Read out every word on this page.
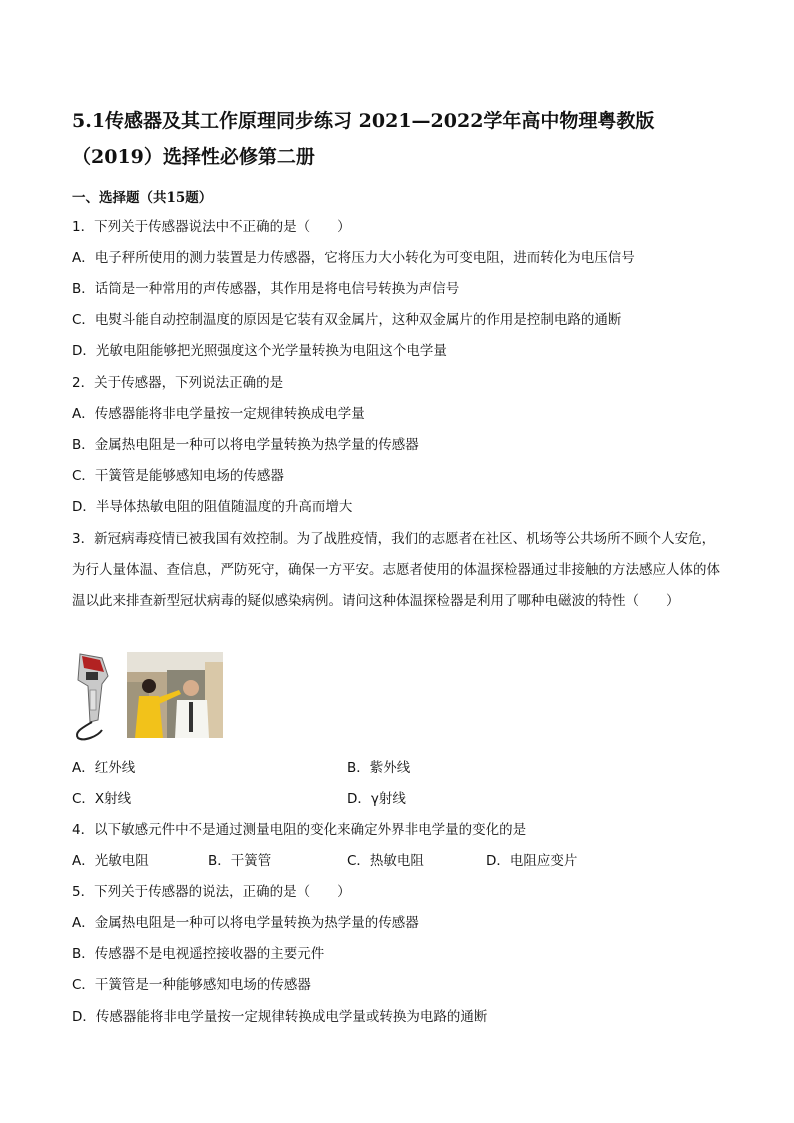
5.1传感器及其工作原理同步练习 2021—2022学年高中物理粤教版（2019）选择性必修第二册
一、选择题（共15题）
1．下列关于传感器说法中不正确的是（　　）
A．电子秤所使用的测力装置是力传感器，它将压力大小转化为可变电阻，进而转化为电压信号
B．话筒是一种常用的声传感器，其作用是将电信号转换为声信号
C．电熨斗能自动控制温度的原因是它装有双金属片，这种双金属片的作用是控制电路的通断
D．光敏电阻能够把光照强度这个光学量转换为电阻这个电学量
2．关于传感器，下列说法正确的是
A．传感器能将非电学量按一定规律转换成电学量
B．金属热电阻是一种可以将电学量转换为热学量的传感器
C．干簧管是能够感知电场的传感器
D．半导体热敏电阻的阻值随温度的升高而增大
3．新冠病毒疫情已被我国有效控制。为了战胜疫情，我们的志愿者在社区、机场等公共场所不顾个人安危，为行人量体温、查信息，严防死守，确保一方平安。志愿者使用的体温探检器通过非接触的方法感应人体的体温以此来排查新型冠状病毒的疑似感染病例。请问这种体温探检器是利用了哪种电磁波的特性（　　）
A．红外线	B．紫外线
C．X射线	D．γ射线
4．以下敏感元件中不是通过测量电阻的变化来确定外界非电学量的变化的是
A．光敏电阻	B．干簧管	C．热敏电阻	D．电阻应变片
5．下列关于传感器的说法，正确的是（　　）
A．金属热电阻是一种可以将电学量转换为热学量的传感器
B．传感器不是电视遥控接收器的主要元件
C．干簧管是一种能够感知电场的传感器
D．传感器能将非电学量按一定规律转换成电学量或转换为电路的通断
